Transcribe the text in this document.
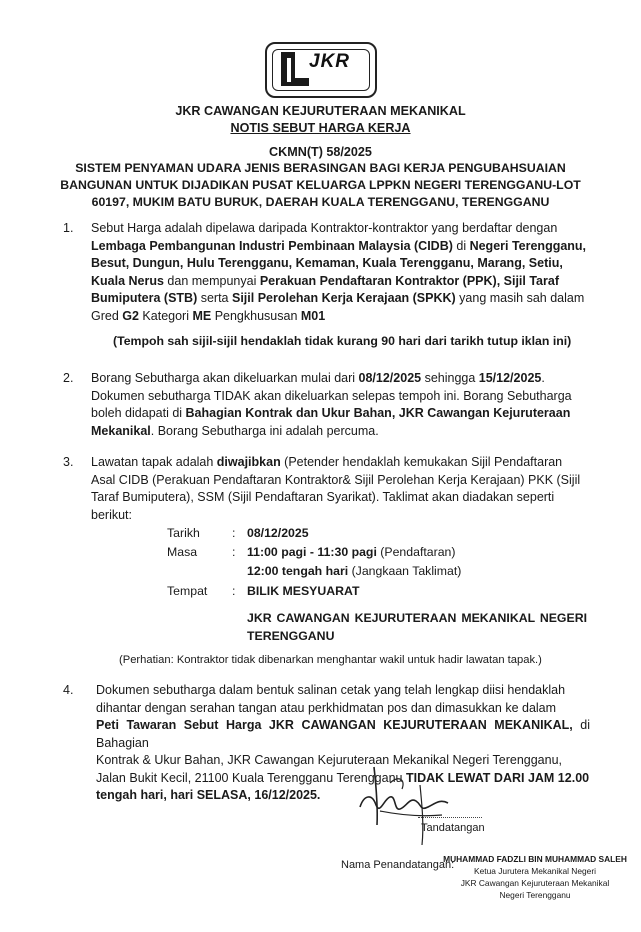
JKR
JKR CAWANGAN KEJURUTERAAN MEKANIKAL
NOTIS SEBUT HARGA KERJA
CKMN(T) 58/2025
SISTEM PENYAMAN UDARA JENIS BERASINGAN BAGI KERJA PENGUBAHSUAIAN
BANGUNAN UNTUK DIJADIKAN PUSAT KELUARGA LPPKN NEGERI TERENGGANU-LOT
60197, MUKIM BATU BURUK, DAERAH KUALA TERENGGANU, TERENGGANU
1. Sebut Harga adalah dipelawa daripada Kontraktor-kontraktor yang berdaftar dengan
Lembaga Pembangunan Industri Pembinaan Malaysia (CIDB) di Negeri Terengganu,
Besut, Dungun, Hulu Terengganu, Kemaman, Kuala Terengganu, Marang, Setiu,
Kuala Nerus dan mempunyai Perakuan Pendaftaran Kontraktor (PPK), Sijil Taraf
Bumiputera (STB) serta Sijil Perolehan Kerja Kerajaan (SPKK) yang masih sah dalam
Gred G2 Kategori ME Pengkhususan M01
(Tempoh sah sijil-sijil hendaklah tidak kurang 90 hari dari tarikh tutup iklan ini)
2. Borang Sebutharga akan dikeluarkan mulai dari 08/12/2025 sehingga 15/12/2025.
Dokumen sebutharga TIDAK akan dikeluarkan selepas tempoh ini. Borang Sebutharga
boleh didapati di Bahagian Kontrak dan Ukur Bahan, JKR Cawangan Kejuruteraan
Mekanikal. Borang Sebutharga ini adalah percuma.
3. Lawatan tapak adalah diwajibkan (Petender hendaklah kemukakan Sijil Pendaftaran
Asal CIDB (Perakuan Pendaftaran Kontraktor& Sijil Perolehan Kerja Kerajaan) PKK (Sijil
Taraf Bumiputera), SSM (Sijil Pendaftaran Syarikat). Taklimat akan diadakan seperti
berikut:
Tarikh	: 08/12/2025
Masa	: 11:00 pagi - 11:30 pagi (Pendaftaran)
12:00 tengah hari (Jangkaan Taklimat)
Tempat : BILIK MESYUARAT
JKR CAWANGAN KEJURUTERAAN MEKANIKAL NEGERI
TERENGGANU
(Perhatian: Kontraktor tidak dibenarkan menghantar wakil untuk hadir lawatan tapak.)
4. Dokumen sebutharga dalam bentuk salinan cetak yang telah lengkap diisi hendaklah
dihantar dengan serahan tangan atau perkhidmatan pos dan dimasukkan ke dalam
Peti Tawaran Sebut Harga JKR CAWANGAN KEJURUTERAAN MEKANIKAL, di Bahagian
Kontrak & Ukur Bahan, JKR Cawangan Kejuruteraan Mekanikal Negeri Terengganu,
Jalan Bukit Kecil, 21100 Kuala Terengganu Terengganu TIDAK LEWAT DARI JAM 12.00
tengah hari, hari SELASA, 16/12/2025.
Tandatangan
Nama Penandatangan:
MUHAMMAD FADZLI BIN MUHAMMAD SALEH
Ketua Jurutera Mekanikal Negeri
JKR Cawangan Kejuruteraan Mekanikal
Negeri Terengganu
